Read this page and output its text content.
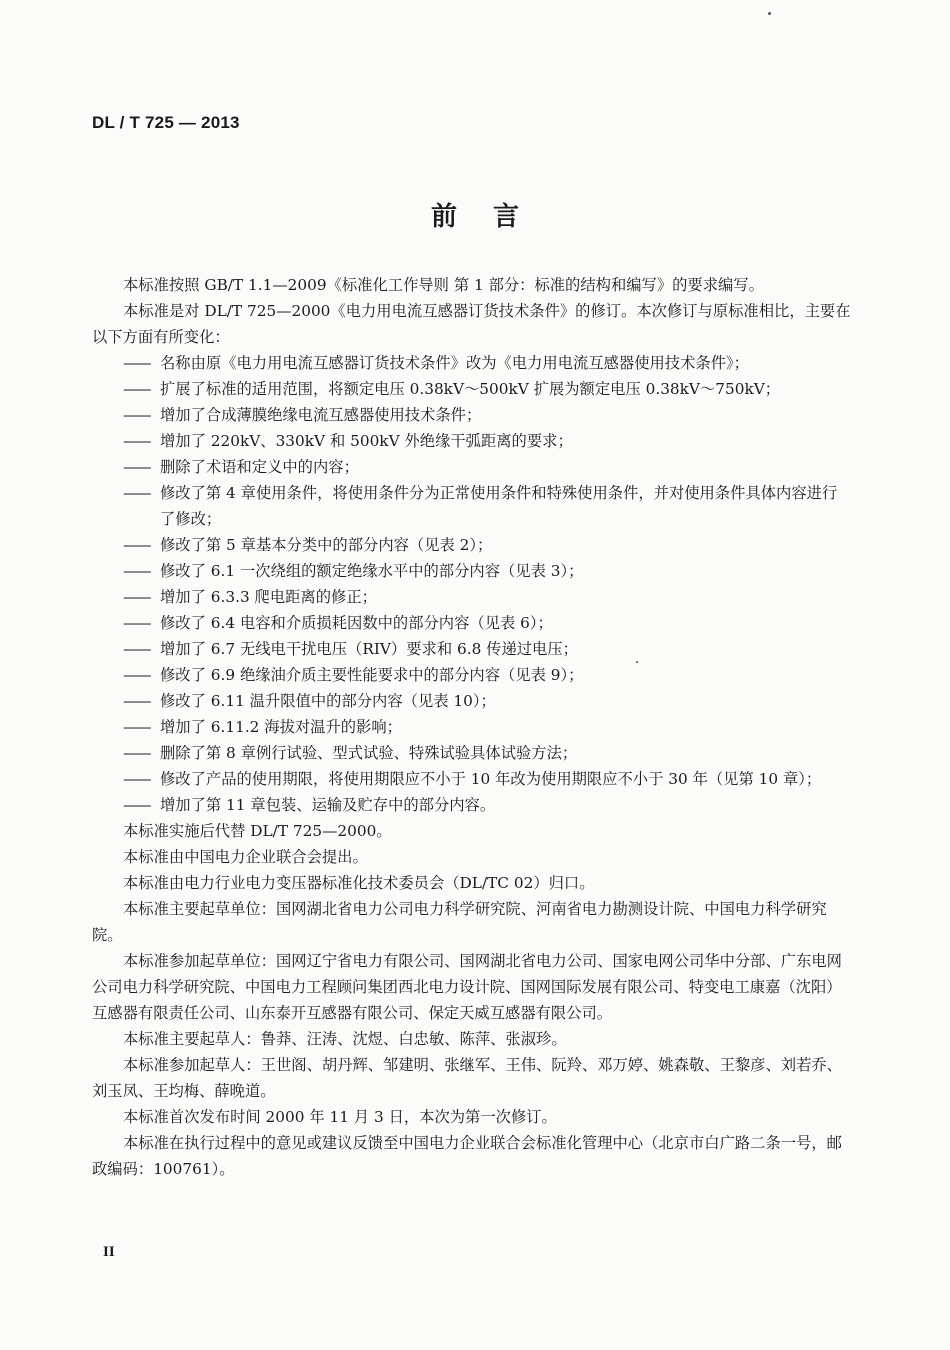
DL / T 725 — 2013
前言

本标准按照 GB/T 1.1—2009《标准化工作导则 第 1 部分：标准的结构和编写》的要求编写。

本标准是对 DL/T 725—2000《电力用电流互感器订货技术条件》的修订。本次修订与原标准相比，主要在以下方面有所变化：

—— 名称由原《电力用电流互感器订货技术条件》改为《电力用电流互感器使用技术条件》；

—— 扩展了标准的适用范围，将额定电压 0.38kV～500kV 扩展为额定电压 0.38kV～750kV；

—— 增加了合成薄膜绝缘电流互感器使用技术条件；

—— 增加了 220kV、330kV 和 500kV 外绝缘干弧距离的要求；

—— 删除了术语和定义中的内容；

—— 修改了第 4 章使用条件，将使用条件分为正常使用条件和特殊使用条件，并对使用条件具体内容进行了修改；

—— 修改了第 5 章基本分类中的部分内容（见表 2）；

—— 修改了 6.1 一次绕组的额定绝缘水平中的部分内容（见表 3）；

—— 增加了 6.3.3 爬电距离的修正；

—— 修改了 6.4 电容和介质损耗因数中的部分内容（见表 6）；

—— 增加了 6.7 无线电干扰电压（RIV）要求和 6.8 传递过电压；

—— 修改了 6.9 绝缘油介质主要性能要求中的部分内容（见表 9）；

—— 修改了 6.11 温升限值中的部分内容（见表 10）；

—— 增加了 6.11.2 海拔对温升的影响；

—— 删除了第 8 章例行试验、型式试验、特殊试验具体试验方法；

—— 修改了产品的使用期限，将使用期限应不小于 10 年改为使用期限应不小于 30 年（见第 10 章）；

—— 增加了第 11 章包装、运输及贮存中的部分内容。

本标准实施后代替 DL/T 725—2000。

本标准由中国电力企业联合会提出。

本标准由电力行业电力变压器标准化技术委员会（DL/TC 02）归口。

本标准主要起草单位：国网湖北省电力公司电力科学研究院、河南省电力勘测设计院、中国电力科学研究院。

本标准参加起草单位：国网辽宁省电力有限公司、国网湖北省电力公司、国家电网公司华中分部、广东电网公司电力科学研究院、中国电力工程顾问集团西北电力设计院、国网国际发展有限公司、特变电工康嘉（沈阳）互感器有限责任公司、山东泰开互感器有限公司、保定天威互感器有限公司。

本标准主要起草人：鲁莽、汪涛、沈煜、白忠敏、陈萍、张淑珍。

本标准参加起草人：王世阁、胡丹辉、邹建明、张继军、王伟、阮羚、邓万婷、姚森敬、王黎彦、刘若乔、刘玉凤、王均梅、薛晚道。

本标准首次发布时间 2000 年 11 月 3 日，本次为第一次修订。

本标准在执行过程中的意见或建议反馈至中国电力企业联合会标准化管理中心（北京市白广路二条一号，邮政编码：100761）。

II
